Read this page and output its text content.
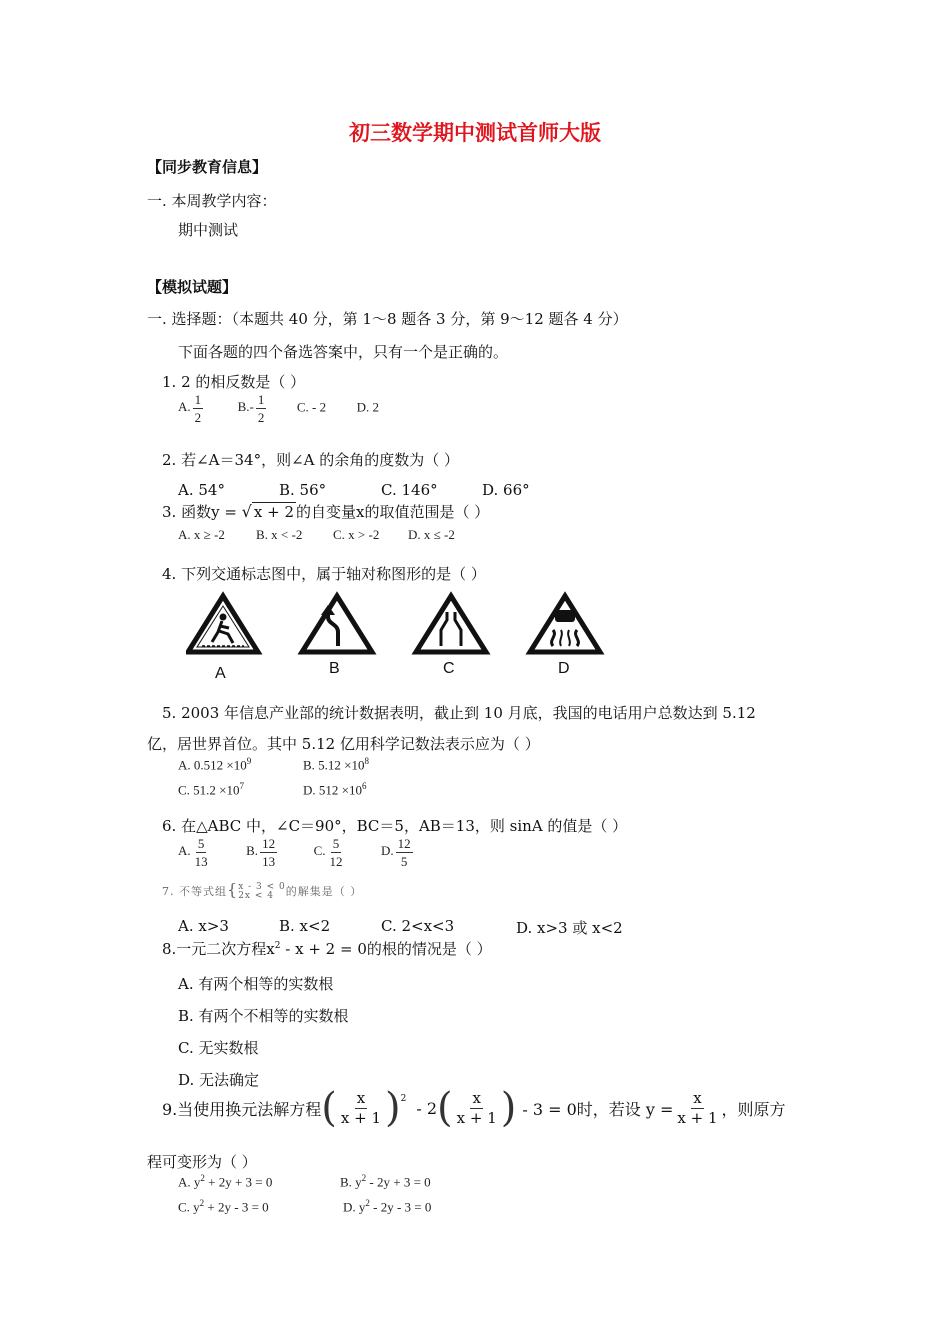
初三数学期中测试首师大版
【同步教育信息】
一. 本周教学内容：
期中测试
【模拟试题】
一. 选择题：（本题共 40 分，第 1～8 题各 3 分，第 9～12 题各 4 分）
下面各题的四个备选答案中，只有一个是正确的。
1. 2 的相反数是（ ）
A. $\frac{1}{2}$	$B.- \frac{1}{2} C$. - 2 D. 2
2. 若∠A＝34°，则∠A 的余角的度数为（ ）
A. 54°	B. 56°	C. 146°	D. 66°
3. 函数y = √ x + 2 的自变量x的取值范围是（ ）
A. x ≥ -2 B. x < -2 C. x > -2 D. x ≤ -2
4. 下列交通标志图中，属于轴对称图形的是（ ）
A	B	C	D
5. 2003 年信息产业部的统计数据表明，截止到 10 月底，我国的电话用户总数达到 5.12
亿，居世界首位。其中 5.12 亿用科学记数法表示应为（ ）
A. $0.512 \times 10^9$	B. $5.12 \times 10^8$
C. $51.2 \times 10^7$	D. $512 \times 10^6$
6. 在△ABC 中，∠C＝90°，BC＝5，AB＝13，则 sinA 的值是（ ）
A. $\frac{5}{13}$	B. $\frac{12}{13}$	C. $\frac{5}{12}$	D. $\frac{12}{5}$
7. 不等式组{ x - 3 < 0
2x < 4	的解集是（ ）
A. x>3	B. x<2	C. 2<x<3	D. x>3 或 x<2
8.一元二次方程$x^2 - x + 2 = 0$的根的情况是（ ）
A. 有两个相等的实数根
B. 有两个不相等的实数根
C. 无实数根
D. 无法确定
9.当使用换元法解方程 ( $\frac{x}{x + 1}$ ) 2 - 2 ( $\frac{x}{x + 1}$ ) - 3 = 0时，若设 $y = \frac{x}{x + 1}$ ，则原方
程可变形为（ ）
A. $y^2 + 2y + 3 = 0$	B. $y^2 - 2y + 3 = 0$
C. $y^2 + 2y - 3 = 0$	D. $y^2 - 2y - 3 = 0$
